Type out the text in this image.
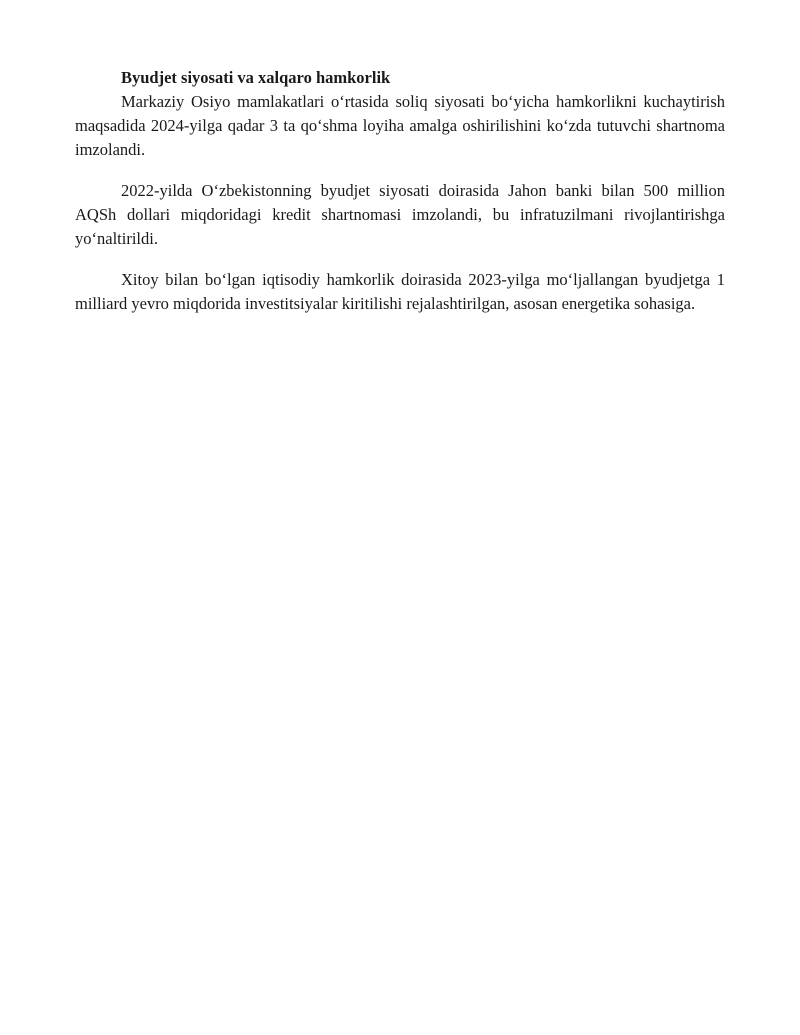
Byudjet siyosati va xalqaro hamkorlik

Markaziy Osiyo mamlakatlari o‘rtasida soliq siyosati bo‘yicha hamkorlikni kuchaytirish maqsadida 2024-yilga qadar 3 ta qo‘shma loyiha amalga oshirilishini ko‘zda tutuvchi shartnoma imzolandi.

2022-yilda O‘zbekistonning byudjet siyosati doirasida Jahon banki bilan 500 million AQSh dollari miqdoridagi kredit shartnomasi imzolandi, bu infratuzilmani rivojlantirishga yo‘naltirildi.

Xitoy bilan bo‘lgan iqtisodiy hamkorlik doirasida 2023-yilga mo‘ljallangan byudjetga 1 milliard yevro miqdorida investitsiyalar kiritilishi rejalashtirilgan, asosan energetika sohasiga.
